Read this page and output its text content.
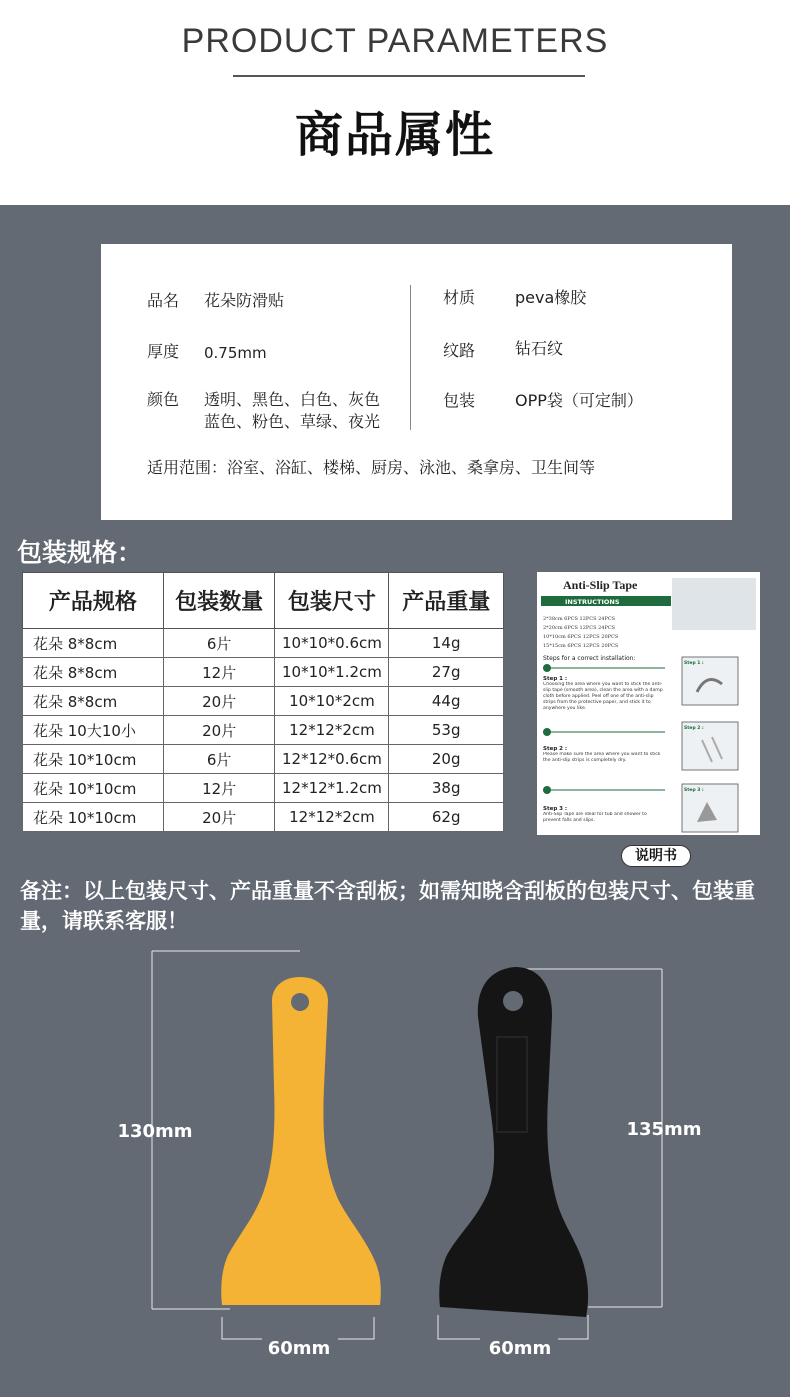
PRODUCT PARAMETERS
商品属性
品名 花朵防滑贴
厚度 0.75mm
颜色 透明、黑色、白色、灰色
蓝色、粉色、草绿、夜光
材质 peva橡胶
纹路 钻石纹
包装 OPP袋（可定制）
适用范围：浴室、浴缸、楼梯、厨房、泳池、桑拿房、卫生间等
包装规格：
产品规格	包装数量	包装尺寸	产品重量
花朵 8*8cm	6片	10*10*0.6cm	14g
花朵 8*8cm	12片	10*10*1.2cm	27g
花朵 8*8cm	20片	10*10*2cm	44g
花朵 10大10小	20片	12*12*2cm	53g
花朵 10*10cm	6片	12*12*0.6cm	20g
花朵 10*10cm	12片	12*12*1.2cm	38g
花朵 10*10cm	20片	12*12*2cm	62g
Anti-Slip Tape
INSTRUCTIONS
2*38cm 6PCS 12PCS 24PCS
2*20cm 6PCS 12PCS 24PCS
10*10cm 6PCS 12PCS 20PCS
15*15cm 6PCS 12PCS 20PCS
Steps for a correct installation:
Step 1 :
Choosing the area where you want to stick the anti-slip tape (smooth area), clean the area with a damp cloth before applied. Peel off one of the anti-slip strips from the protective paper, and stick it to anywhere you like.
Step 2 :
Please make sure the area where you want to stick the anti-slip strips is completely dry.
Step 3 :
Anti-Slip Tape are ideal for tub and shower to prevent falls and slips.
Step 1 :
Step 2 :
Step 3 :
说明书
备注：以上包装尺寸、产品重量不含刮板；如需知晓含刮板的包装尺寸、包装重量，请联系客服！
130mm
60mm
135mm
60mm
